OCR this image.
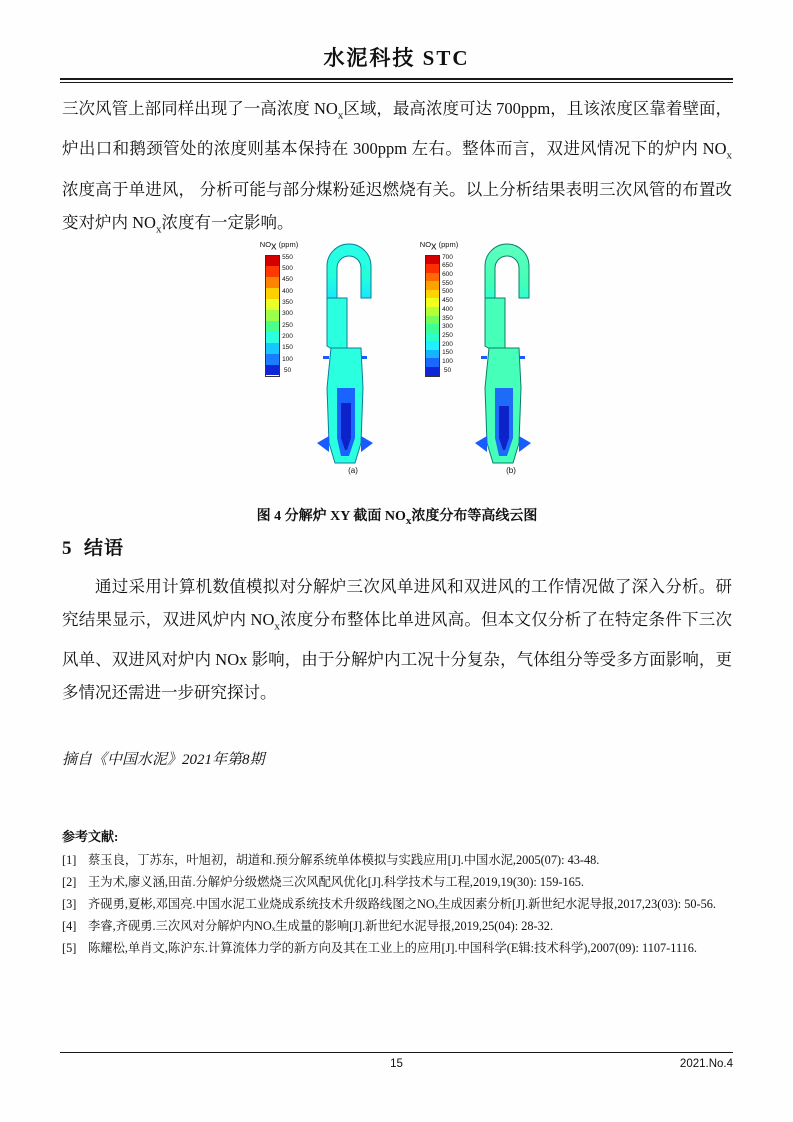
水泥科技 STC

三次风管上部同样出现了一高浓度 $NO_x$区域，最高浓度可达 700ppm，且该浓度区靠着壁面，炉出口和鹅颈管处的浓度则基本保持在 300ppm 左右。整体而言，双进风情况下的炉内 $NO_x$浓度高于单进风， 分析可能与部分煤粉延迟燃烧有关。以上分析结果表明三次风管的布置改变对炉内 $NO_x$浓度有一定影响。

$NO_x$ (ppm)
550
500
450
400
350
300
250
200
150
100
50
(a)
$NO_x$ (ppm)
700
650
600
550
500
450
400
350
300
250
200
150
100
50
(b)
图 4 分解炉 XY 截面 $NO_x$浓度分布等高线云图
5 结语

通过采用计算机数值模拟对分解炉三次风单进风和双进风的工作情况做了深入分析。研究结果显示，双进风炉内 $NO_x$浓度分布整体比单进风高。但本文仅分析了在特定条件下三次风单、双进风对炉内 NOx 影响，由于分解炉内工况十分复杂，气体组分等受多方面影响，更多情况还需进一步研究探讨。

摘自《中国水泥》2021年第8期
参考文献:
[1] 蔡玉良，丁苏东，叶旭初，胡道和.预分解系统单体模拟与实践应用[J].中国水泥,2005(07): 43-48.
[2] 王为术,廖义涵,田苗.分解炉分级燃烧三次风配风优化[J].科学技术与工程,2019,19(30): 159-165.
[3] 齐砚勇,夏彬,邓国亮.中国水泥工业烧成系统技术升级路线图之NOₓ生成因素分析[J].新世纪水泥导报,2017,23(03): 50-56.
[4] 李睿,齐砚勇.三次风对分解炉内NOₓ生成量的影响[J].新世纪水泥导报,2019,25(04): 28-32.
[5] 陈耀松,单肖文,陈沪东.计算流体力学的新方向及其在工业上的应用[J].中国科学(E辑:技术科学),2007(09): 1107-1116.
15	2021.No.4
